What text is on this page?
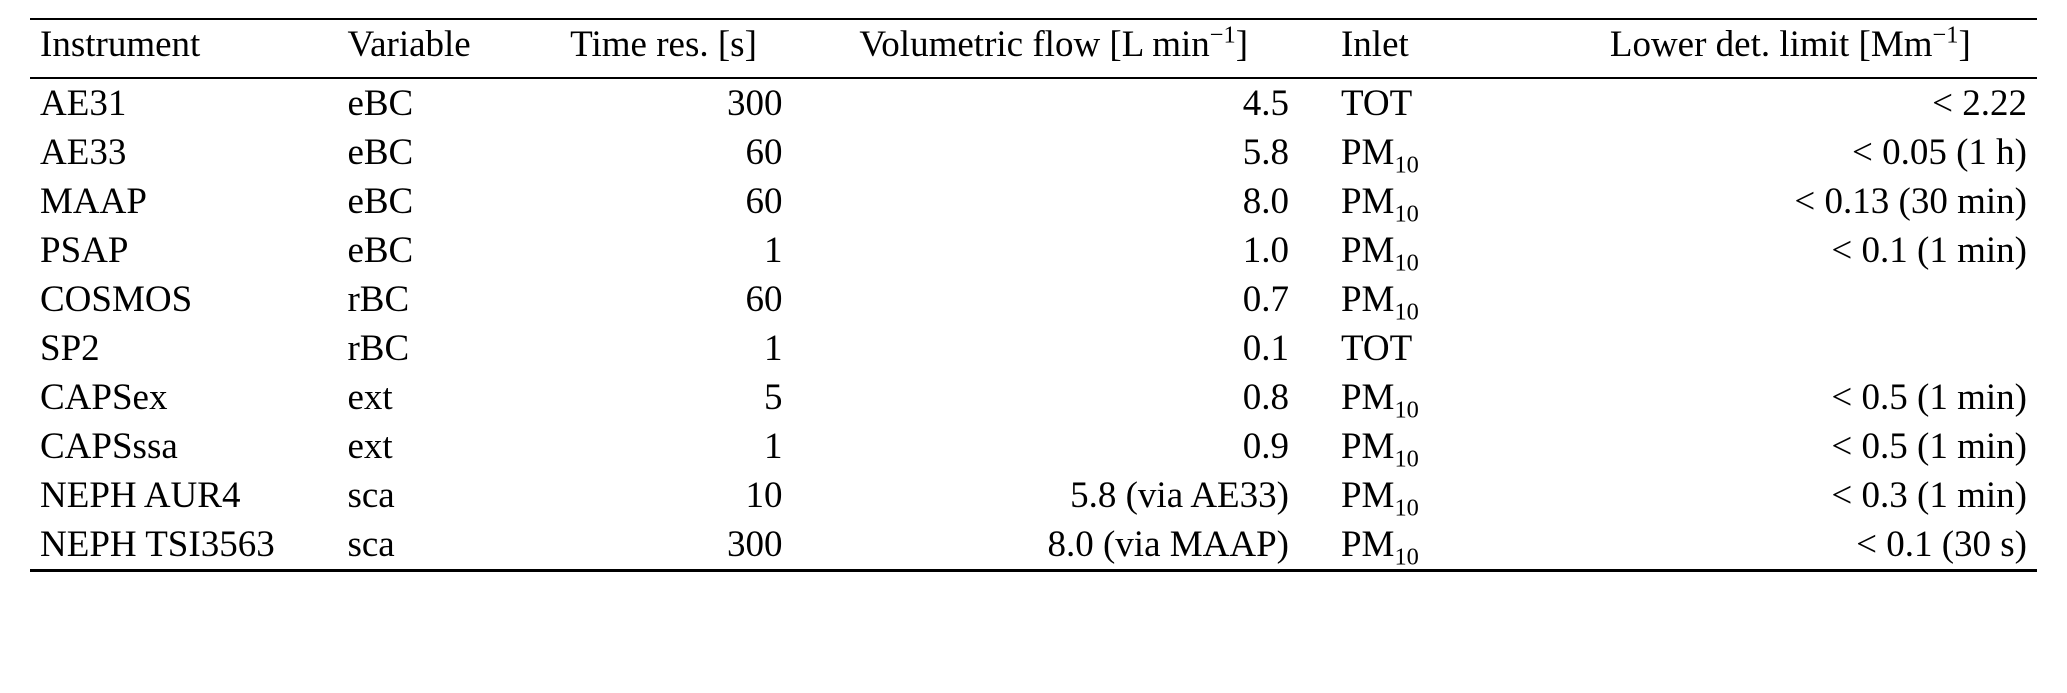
Instrument	Variable	Time res. [s]	Volumetric flow [L $\min^{-1}$]	Inlet	Lower det. limit $[Mm^{-1}]$
AE31	eBC	300	4.5	TOT	< 2.22
AE33	eBC	60	5.8	$PM_{10}$	< 0.05 (1 h)
MAAP	eBC	60	8.0	$PM_{10}$	< 0.13 (30 min)
PSAP	eBC	1	1.0	$PM_{10}$	< 0.1 (1 min)
COSMOS	rBC	60	0.7	$PM_{10}$	
SP2	rBC	1	0.1	TOT	
CAPSex	ext	5	0.8	$PM_{10}$	< 0.5 (1 min)
CAPSssa	ext	1	0.9	$PM_{10}$	< 0.5 (1 min)
NEPH AUR4	sca	10	5.8 (via AE33)	$PM_{10}$	< 0.3 (1 min)
NEPH TSI3563	sca	300	8.0 (via MAAP)	$PM_{10}$	< 0.1 (30 s)
